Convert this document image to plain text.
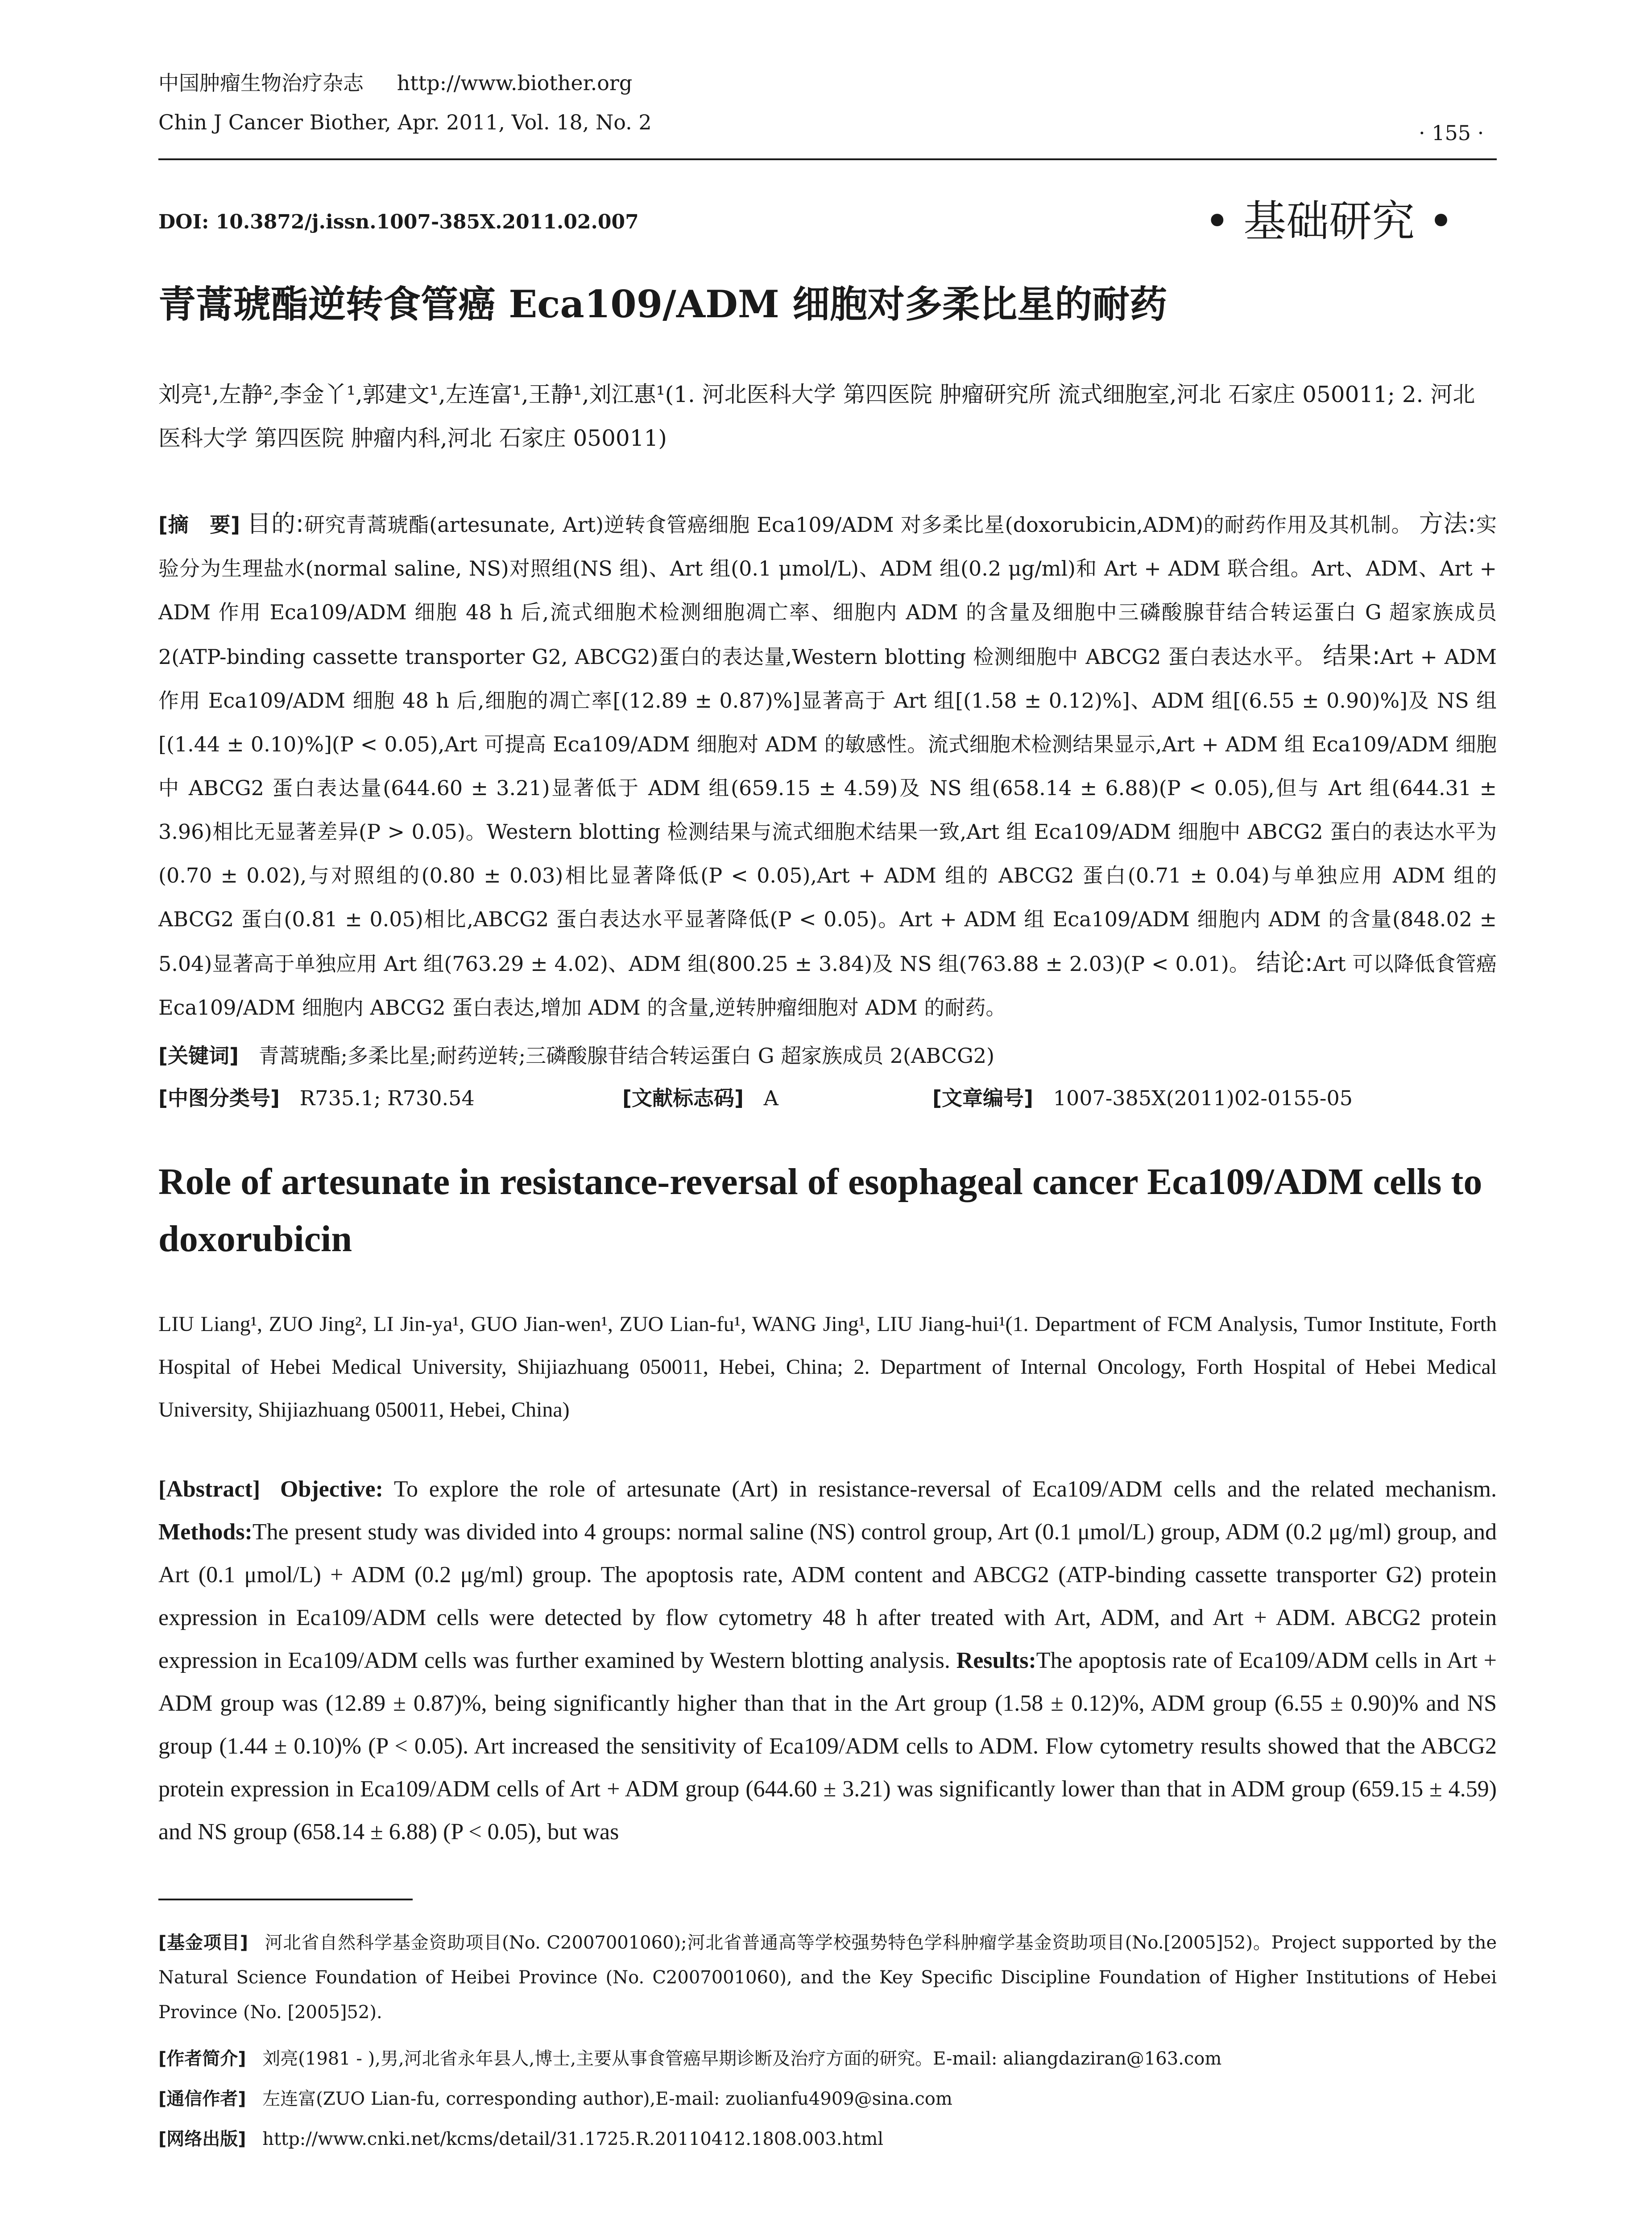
中国肿瘤生物治疗杂志 http://www.biother.org
Chin J Cancer Biother, Apr. 2011, Vol. 18, No. 2	· 155 ·
DOI: 10.3872/j.issn.1007-385X.2011.02.007	• 基础研究 •
青蒿琥酯逆转食管癌 Eca109/ADM 细胞对多柔比星的耐药
刘亮¹,左静²,李金丫¹,郭建文¹,左连富¹,王静¹,刘江惠¹(1. 河北医科大学 第四医院 肿瘤研究所 流式细胞室,河北 石家庄 050011; 2. 河北医科大学 第四医院 肿瘤内科,河北 石家庄 050011)
[摘　要] 目的:研究青蒿琥酯(artesunate, Art)逆转食管癌细胞 Eca109/ADM 对多柔比星(doxorubicin,ADM)的耐药作用及其机制。 方法:实验分为生理盐水(normal saline, NS)对照组(NS 组)、Art 组(0.1 μmol/L)、ADM 组(0.2 μg/ml)和 Art + ADM 联合组。Art、ADM、Art + ADM 作用 Eca109/ADM 细胞 48 h 后,流式细胞术检测细胞凋亡率、细胞内 ADM 的含量及细胞中三磷酸腺苷结合转运蛋白 G 超家族成员 2(ATP-binding cassette transporter G2, ABCG2)蛋白的表达量,Western blotting 检测细胞中 ABCG2 蛋白表达水平。 结果:Art + ADM 作用 Eca109/ADM 细胞 48 h 后,细胞的凋亡率[(12.89 ± 0.87)%]显著高于 Art 组[(1.58 ± 0.12)%]、ADM 组[(6.55 ± 0.90)%]及 NS 组[(1.44 ± 0.10)%](P < 0.05),Art 可提高 Eca109/ADM 细胞对 ADM 的敏感性。流式细胞术检测结果显示,Art + ADM 组 Eca109/ADM 细胞中 ABCG2 蛋白表达量(644.60 ± 3.21)显著低于 ADM 组(659.15 ± 4.59)及 NS 组(658.14 ± 6.88)(P < 0.05),但与 Art 组(644.31 ± 3.96)相比无显著差异(P > 0.05)。Western blotting 检测结果与流式细胞术结果一致,Art 组 Eca109/ADM 细胞中 ABCG2 蛋白的表达水平为(0.70 ± 0.02),与对照组的(0.80 ± 0.03)相比显著降低(P < 0.05),Art + ADM 组的 ABCG2 蛋白(0.71 ± 0.04)与单独应用 ADM 组的 ABCG2 蛋白(0.81 ± 0.05)相比,ABCG2 蛋白表达水平显著降低(P < 0.05)。Art + ADM 组 Eca109/ADM 细胞内 ADM 的含量(848.02 ± 5.04)显著高于单独应用 Art 组(763.29 ± 4.02)、ADM 组(800.25 ± 3.84)及 NS 组(763.88 ± 2.03)(P < 0.01)。 结论:Art 可以降低食管癌 Eca109/ADM 细胞内 ABCG2 蛋白表达,增加 ADM 的含量,逆转肿瘤细胞对 ADM 的耐药。
[关键词] 青蒿琥酯;多柔比星;耐药逆转;三磷酸腺苷结合转运蛋白 G 超家族成员 2(ABCG2)
[中图分类号] R735.1; R730.54	[文献标志码] A	[文章编号] 1007-385X(2011)02-0155-05
Role of artesunate in resistance-reversal of esophageal cancer Eca109/ADM cells to doxorubicin
LIU Liang¹, ZUO Jing², LI Jin-ya¹, GUO Jian-wen¹, ZUO Lian-fu¹, WANG Jing¹, LIU Jiang-hui¹(1. Department of FCM Analysis, Tumor Institute, Forth Hospital of Hebei Medical University, Shijiazhuang 050011, Hebei, China; 2. Department of Internal Oncology, Forth Hospital of Hebei Medical University, Shijiazhuang 050011, Hebei, China)
[Abstract] Objective: To explore the role of artesunate (Art) in resistance-reversal of Eca109/ADM cells and the related mechanism. Methods:The present study was divided into 4 groups: normal saline (NS) control group, Art (0.1 μmol/L) group, ADM (0.2 μg/ml) group, and Art (0.1 μmol/L) + ADM (0.2 μg/ml) group. The apoptosis rate, ADM content and ABCG2 (ATP-binding cassette transporter G2) protein expression in Eca109/ADM cells were detected by flow cytometry 48 h after treated with Art, ADM, and Art + ADM. ABCG2 protein expression in Eca109/ADM cells was further examined by Western blotting analysis. Results:The apoptosis rate of Eca109/ADM cells in Art + ADM group was (12.89 ± 0.87)%, being significantly higher than that in the Art group (1.58 ± 0.12)%, ADM group (6.55 ± 0.90)% and NS group (1.44 ± 0.10)% (P < 0.05). Art increased the sensitivity of Eca109/ADM cells to ADM. Flow cytometry results showed that the ABCG2 protein expression in Eca109/ADM cells of Art + ADM group (644.60 ± 3.21) was significantly lower than that in ADM group (659.15 ± 4.59) and NS group (658.14 ± 6.88) (P < 0.05), but was
[基金项目] 河北省自然科学基金资助项目(No. C2007001060);河北省普通高等学校强势特色学科肿瘤学基金资助项目(No.[2005]52)。Project supported by the Natural Science Foundation of Heibei Province (No. C2007001060), and the Key Specific Discipline Foundation of Higher Institutions of Hebei Province (No. [2005]52).
[作者简介] 刘亮(1981 - ),男,河北省永年县人,博士,主要从事食管癌早期诊断及治疗方面的研究。E-mail: aliangdaziran@163.com
[通信作者] 左连富(ZUO Lian-fu, corresponding author),E-mail: zuolianfu4909@sina.com
[网络出版] http://www.cnki.net/kcms/detail/31.1725.R.20110412.1808.003.html
